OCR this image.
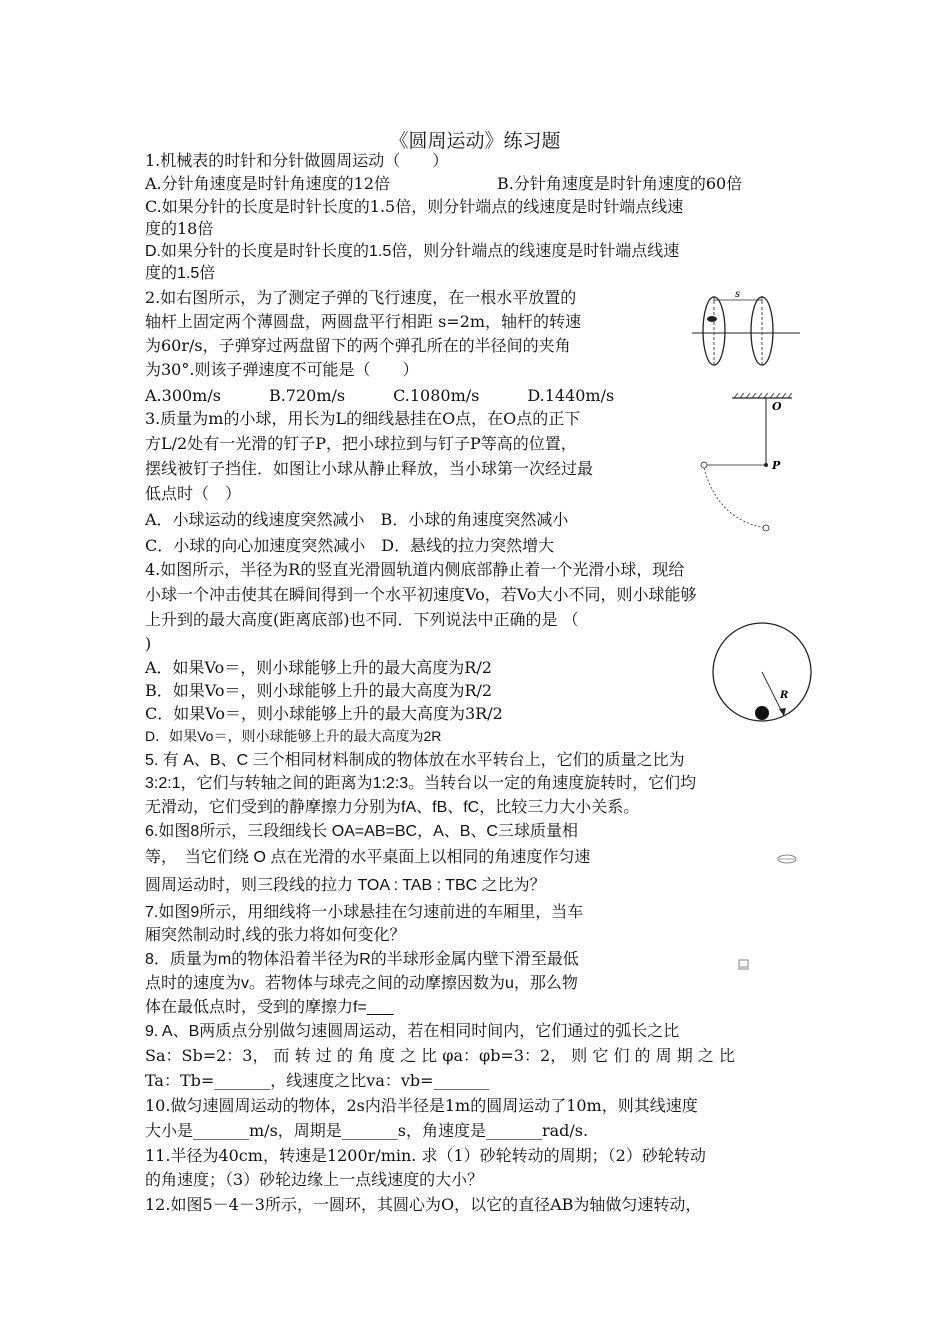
《圆周运动》练习题
1.机械表的时针和分针做圆周运动（　　）
A.分针角速度是时针角速度的12倍	B.分针角速度是时针角速度的60倍
C.如果分针的长度是时针长度的1.5倍，则分针端点的线速度是时针端点线速
度的18倍
D.如果分针的长度是时针长度的1.5倍，则分针端点的线速度是时针端点线速
度的1.5倍
2.如右图所示，为了测定子弹的飞行速度，在一根水平放置的
轴杆上固定两个薄圆盘，两圆盘平行相距 s=2m，轴杆的转速
为60r/s，子弹穿过两盘留下的两个弹孔所在的半径间的夹角
为30°.则该子弹速度不可能是（　　）
A.300m/s　　　B.720m/s　　　C.1080m/s　　　D.1440m/s
s
3.质量为m的小球，用长为L的细线悬挂在O点，在O点的正下
方L/2处有一光滑的钉子P，把小球拉到与钉子P等高的位置，
摆线被钉子挡住．如图让小球从静止释放，当小球第一次经过最
低点时（　）
A．小球运动的线速度突然减小　B．小球的角速度突然减小
C．小球的向心加速度突然减小　D．悬线的拉力突然增大
O
P
4.如图所示，半径为R的竖直光滑圆轨道内侧底部静止着一个光滑小球，现给
小球一个冲击使其在瞬间得到一个水平初速度Vo，若Vo大小不同，则小球能够
上升到的最大高度(距离底部)也不同．下列说法中正确的是 （
)
A．如果Vo＝，则小球能够上升的最大高度为R/2
B．如果Vo＝，则小球能够上升的最大高度为R/2
C．如果Vo＝，则小球能够上升的最大高度为3R/2
D．如果Vo＝，则小球能够上升的最大高度为2R
R
5. 有 A、B、C 三个相同材料制成的物体放在水平转台上，它们的质量之比为
3:2:1，它们与转轴之间的距离为1:2:3。当转台以一定的角速度旋转时，它们均
无滑动，它们受到的静摩擦力分别为fA、fB、fC，比较三力大小关系。
6.如图8所示，三段细线长 OA=AB=BC，A、B、C三球质量相
等，　当它们绕 O 点在光滑的水平桌面上以相同的角速度作匀速
圆周运动时，则三段线的拉力 TOA : TAB : TBC 之比为？
7.如图9所示，用细线将一小球悬挂在匀速前进的车厢里，当车
厢突然制动时,线的张力将如何变化？
8．质量为m的物体沿着半径为R的半球形金属内壁下滑至最低
点时的速度为v。若物体与球壳之间的动摩擦因数为u，那么物
体在最低点时，受到的摩擦力f=___
9. A、B两质点分别做匀速圆周运动，若在相同时间内，它们通过的弧长之比
Sa：Sb=2：3， 而 转 过 的 角 度 之 比 φa：φb=3：2， 则 它 们 的 周 期 之 比
Ta：Tb=_______，线速度之比va：vb=_______
10.做匀速圆周运动的物体，2s内沿半径是1m的圆周运动了10m，则其线速度
大小是_______m/s，周期是_______s，角速度是_______rad/s.
11.半径为40cm，转速是1200r/min. 求（1）砂轮转动的周期；（2）砂轮转动
的角速度；（3）砂轮边缘上一点线速度的大小？
12.如图5－4－3所示，一圆环，其圆心为O，以它的直径AB为轴做匀速转动，
